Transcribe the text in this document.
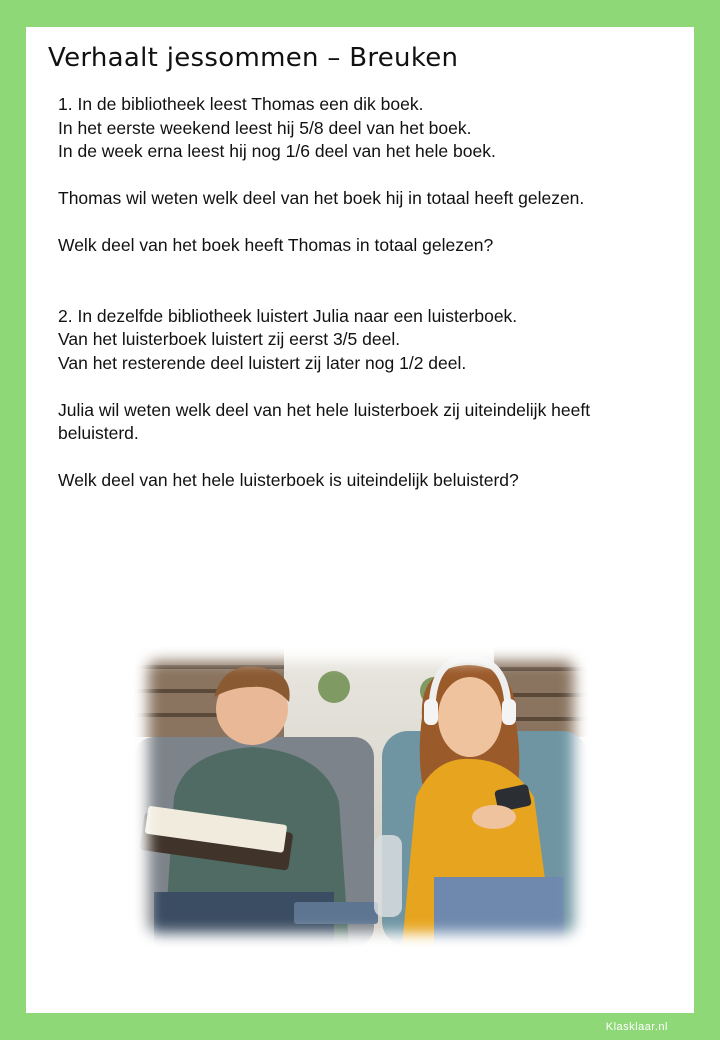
Verhaalt jessommen – Breuken

1. In de bibliotheek leest Thomas een dik boek.

In het eerste weekend leest hij 5/8 deel van het boek.

In de week erna leest hij nog 1/6 deel van het hele boek.

Thomas wil weten welk deel van het boek hij in totaal heeft gelezen.

Welk deel van het boek heeft Thomas in totaal gelezen?

2. In dezelfde bibliotheek luistert Julia naar een luisterboek.

Van het luisterboek luistert zij eerst 3/5 deel.

Van het resterende deel luistert zij later nog 1/2 deel.

Julia wil weten welk deel van het hele luisterboek zij uiteindelijk heeft beluisterd.

Welk deel van het hele luisterboek is uiteindelijk beluisterd?

Klasklaar.nl
